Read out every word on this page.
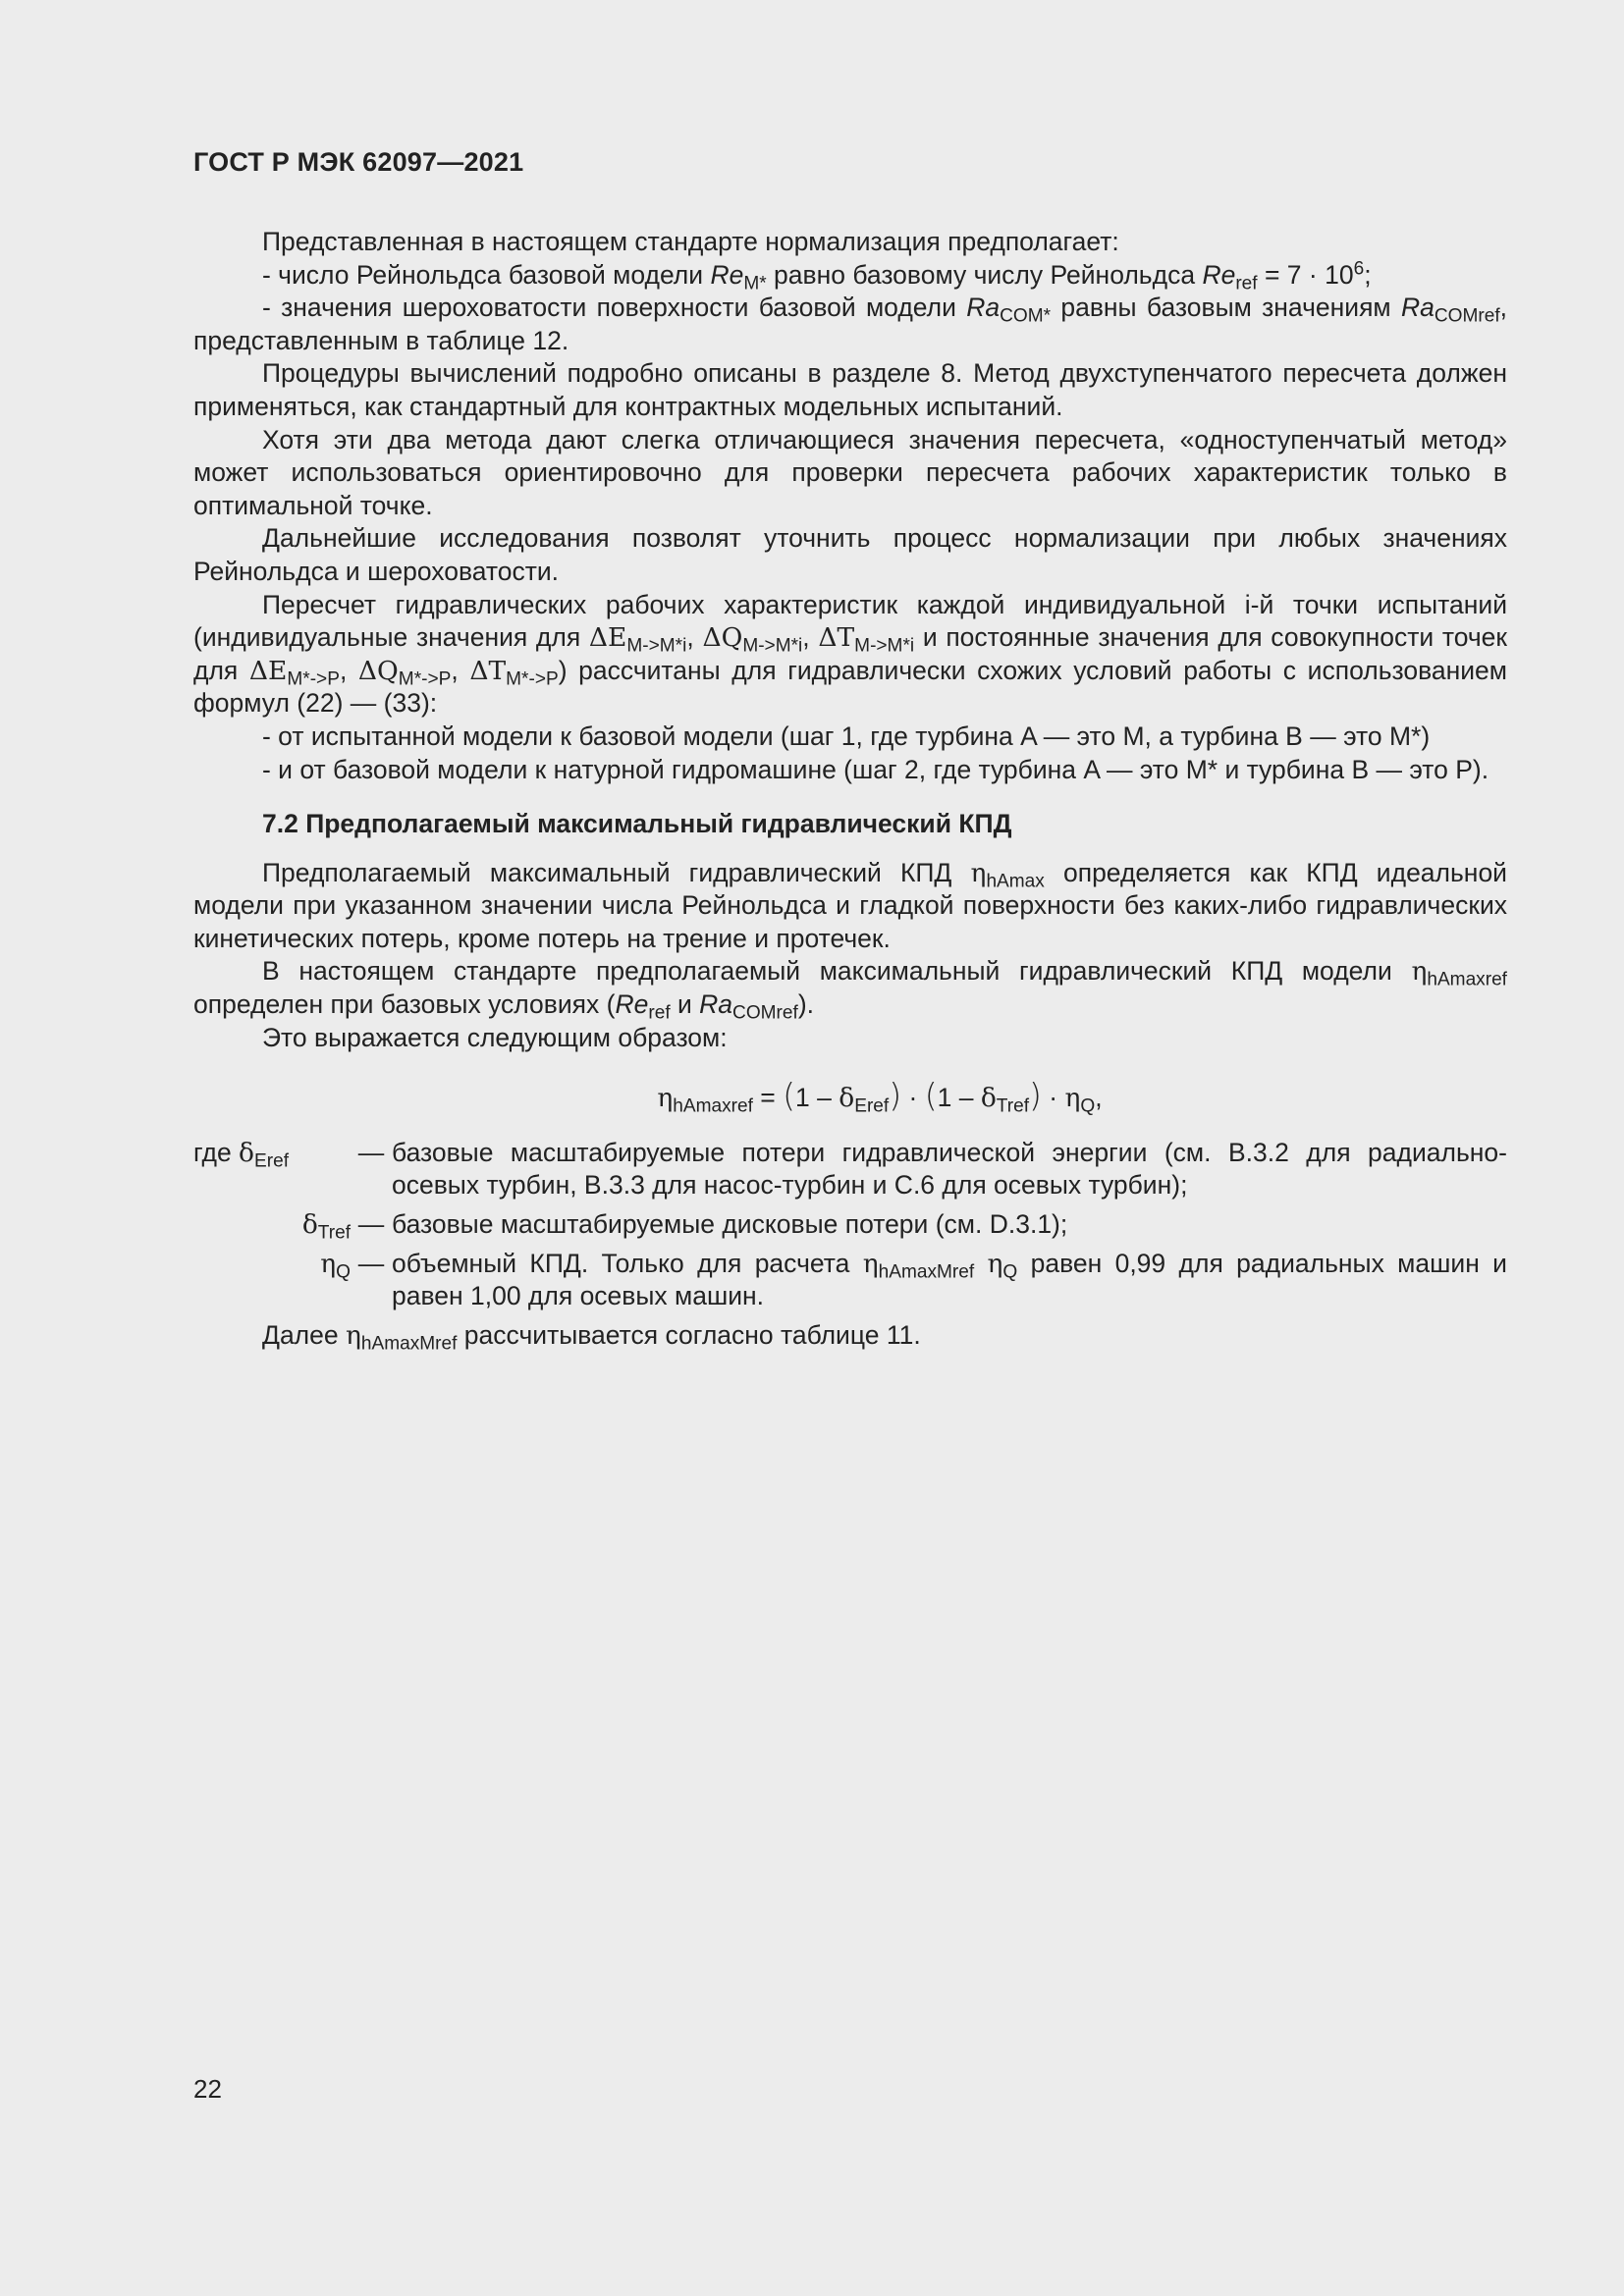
ГОСТ Р МЭК 62097—2021

Представленная в настоящем стандарте нормализация предполагает:

- число Рейнольдса базовой модели $Re_{M*}$ равно базовому числу Рейнольдса $Re_{ref} = 7 \cdot 10^6$;

- значения шероховатости поверхности базовой модели $Ra_{COM*}$ равны базовым значениям $Ra_{COMref}$, представленным в таблице 12.

Процедуры вычислений подробно описаны в разделе 8. Метод двухступенчатого пересчета должен применяться, как стандартный для контрактных модельных испытаний.

Хотя эти два метода дают слегка отличающиеся значения пересчета, «одноступенчатый метод» может использоваться ориентировочно для проверки пересчета рабочих характеристик только в оптимальной точке.

Дальнейшие исследования позволят уточнить процесс нормализации при любых значениях Рейнольдса и шероховатости.

Пересчет гидравлических рабочих характеристик каждой индивидуальной i-й точки испытаний (индивидуальные значения для $\Delta E_{M->M*i}$, $\Delta Q_{M->M*i}$, $\Delta T_{M->M*i}$ и постоянные значения для совокупности точек для $\Delta E_{M*->P}$, $\Delta Q_{M*->P}$, $\Delta T_{M*->P}$) рассчитаны для гидравлически схожих условий работы с использованием формул (22) — (33):

- от испытанной модели к базовой модели (шаг 1, где турбина A — это M, а турбина B — это M*)

- и от базовой модели к натурной гидромашине (шаг 2, где турбина A — это M* и турбина B — это P).

7.2 Предполагаемый максимальный гидравлический КПД

Предполагаемый максимальный гидравлический КПД $\eta_{hAmax}$ определяется как КПД идеальной модели при указанном значении числа Рейнольдса и гладкой поверхности без каких-либо гидравлических кинетических потерь, кроме потерь на трение и протечек.

В настоящем стандарте предполагаемый максимальный гидравлический КПД модели $\eta_{hAmaxref}$ определен при базовых условиях ($Re_{ref}$ и $Ra_{COMref}$).

Это выражается следующим образом:

$\eta_{hAmaxref} = (1 - \delta_{Eref}) \cdot (1 - \delta_{Tref}) \cdot \eta_Q$,
где $\delta_{Eref}$	— базовые масштабируемые потери гидравлической энергии (см. B.3.2 для радиально-осевых турбин, B.3.3 для насос-турбин и C.6 для осевых турбин);
$\delta_{Tref}$ — базовые масштабируемые дисковые потери (см. D.3.1);
$\eta_Q$ — объемный КПД. Только для расчета $\eta_{hAmaxMref}$ $\eta_Q$ равен 0,99 для радиальных машин и равен 1,00 для осевых машин.

Далее $\eta_{hAmaxMref}$ рассчитывается согласно таблице 11.

22
